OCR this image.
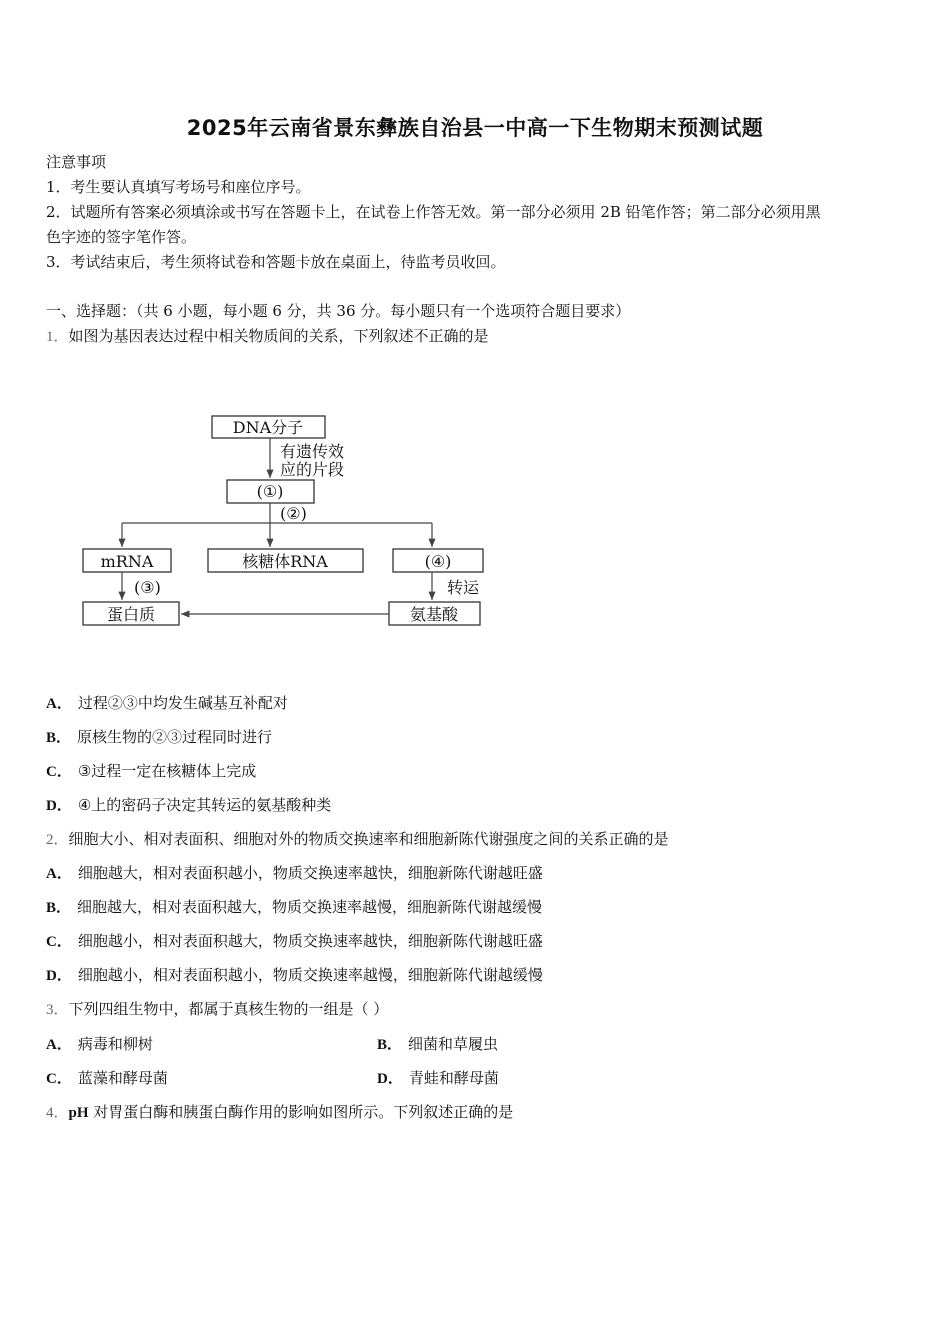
2025年云南省景东彝族自治县一中高一下生物期末预测试题
注意事项
1．考生要认真填写考场号和座位序号。
2．试题所有答案必须填涂或书写在答题卡上，在试卷上作答无效。第一部分必须用 2B 铅笔作答；第二部分必须用黑
色字迹的签字笔作答。
3．考试结束后，考生须将试卷和答题卡放在桌面上，待监考员收回。
一、选择题：（共 6 小题，每小题 6 分，共 36 分。每小题只有一个选项符合题目要求）
1．如图为基因表达过程中相关物质间的关系，下列叙述不正确的是
DNA分子
有遗传效
应的片段
(①)
(②)
mRNA	核糖体RNA	(④)
(③)	转运
蛋白质	氨基酸
A． 过程②③中均发生碱基互补配对
B． 原核生物的②③过程同时进行
C． ③过程一定在核糖体上完成
D． ④上的密码子决定其转运的氨基酸种类
2．细胞大小、相对表面积、细胞对外的物质交换速率和细胞新陈代谢强度之间的关系正确的是
A． 细胞越大，相对表面积越小，物质交换速率越快，细胞新陈代谢越旺盛
B． 细胞越大，相对表面积越大，物质交换速率越慢，细胞新陈代谢越缓慢
C． 细胞越小，相对表面积越大，物质交换速率越快，细胞新陈代谢越旺盛
D． 细胞越小，相对表面积越小，物质交换速率越慢，细胞新陈代谢越缓慢
3．下列四组生物中，都属于真核生物的一组是（ ）
A． 病毒和柳树	B． 细菌和草履虫
C． 蓝藻和酵母菌	D． 青蛙和酵母菌
4．pH 对胃蛋白酶和胰蛋白酶作用的影响如图所示。下列叙述正确的是
